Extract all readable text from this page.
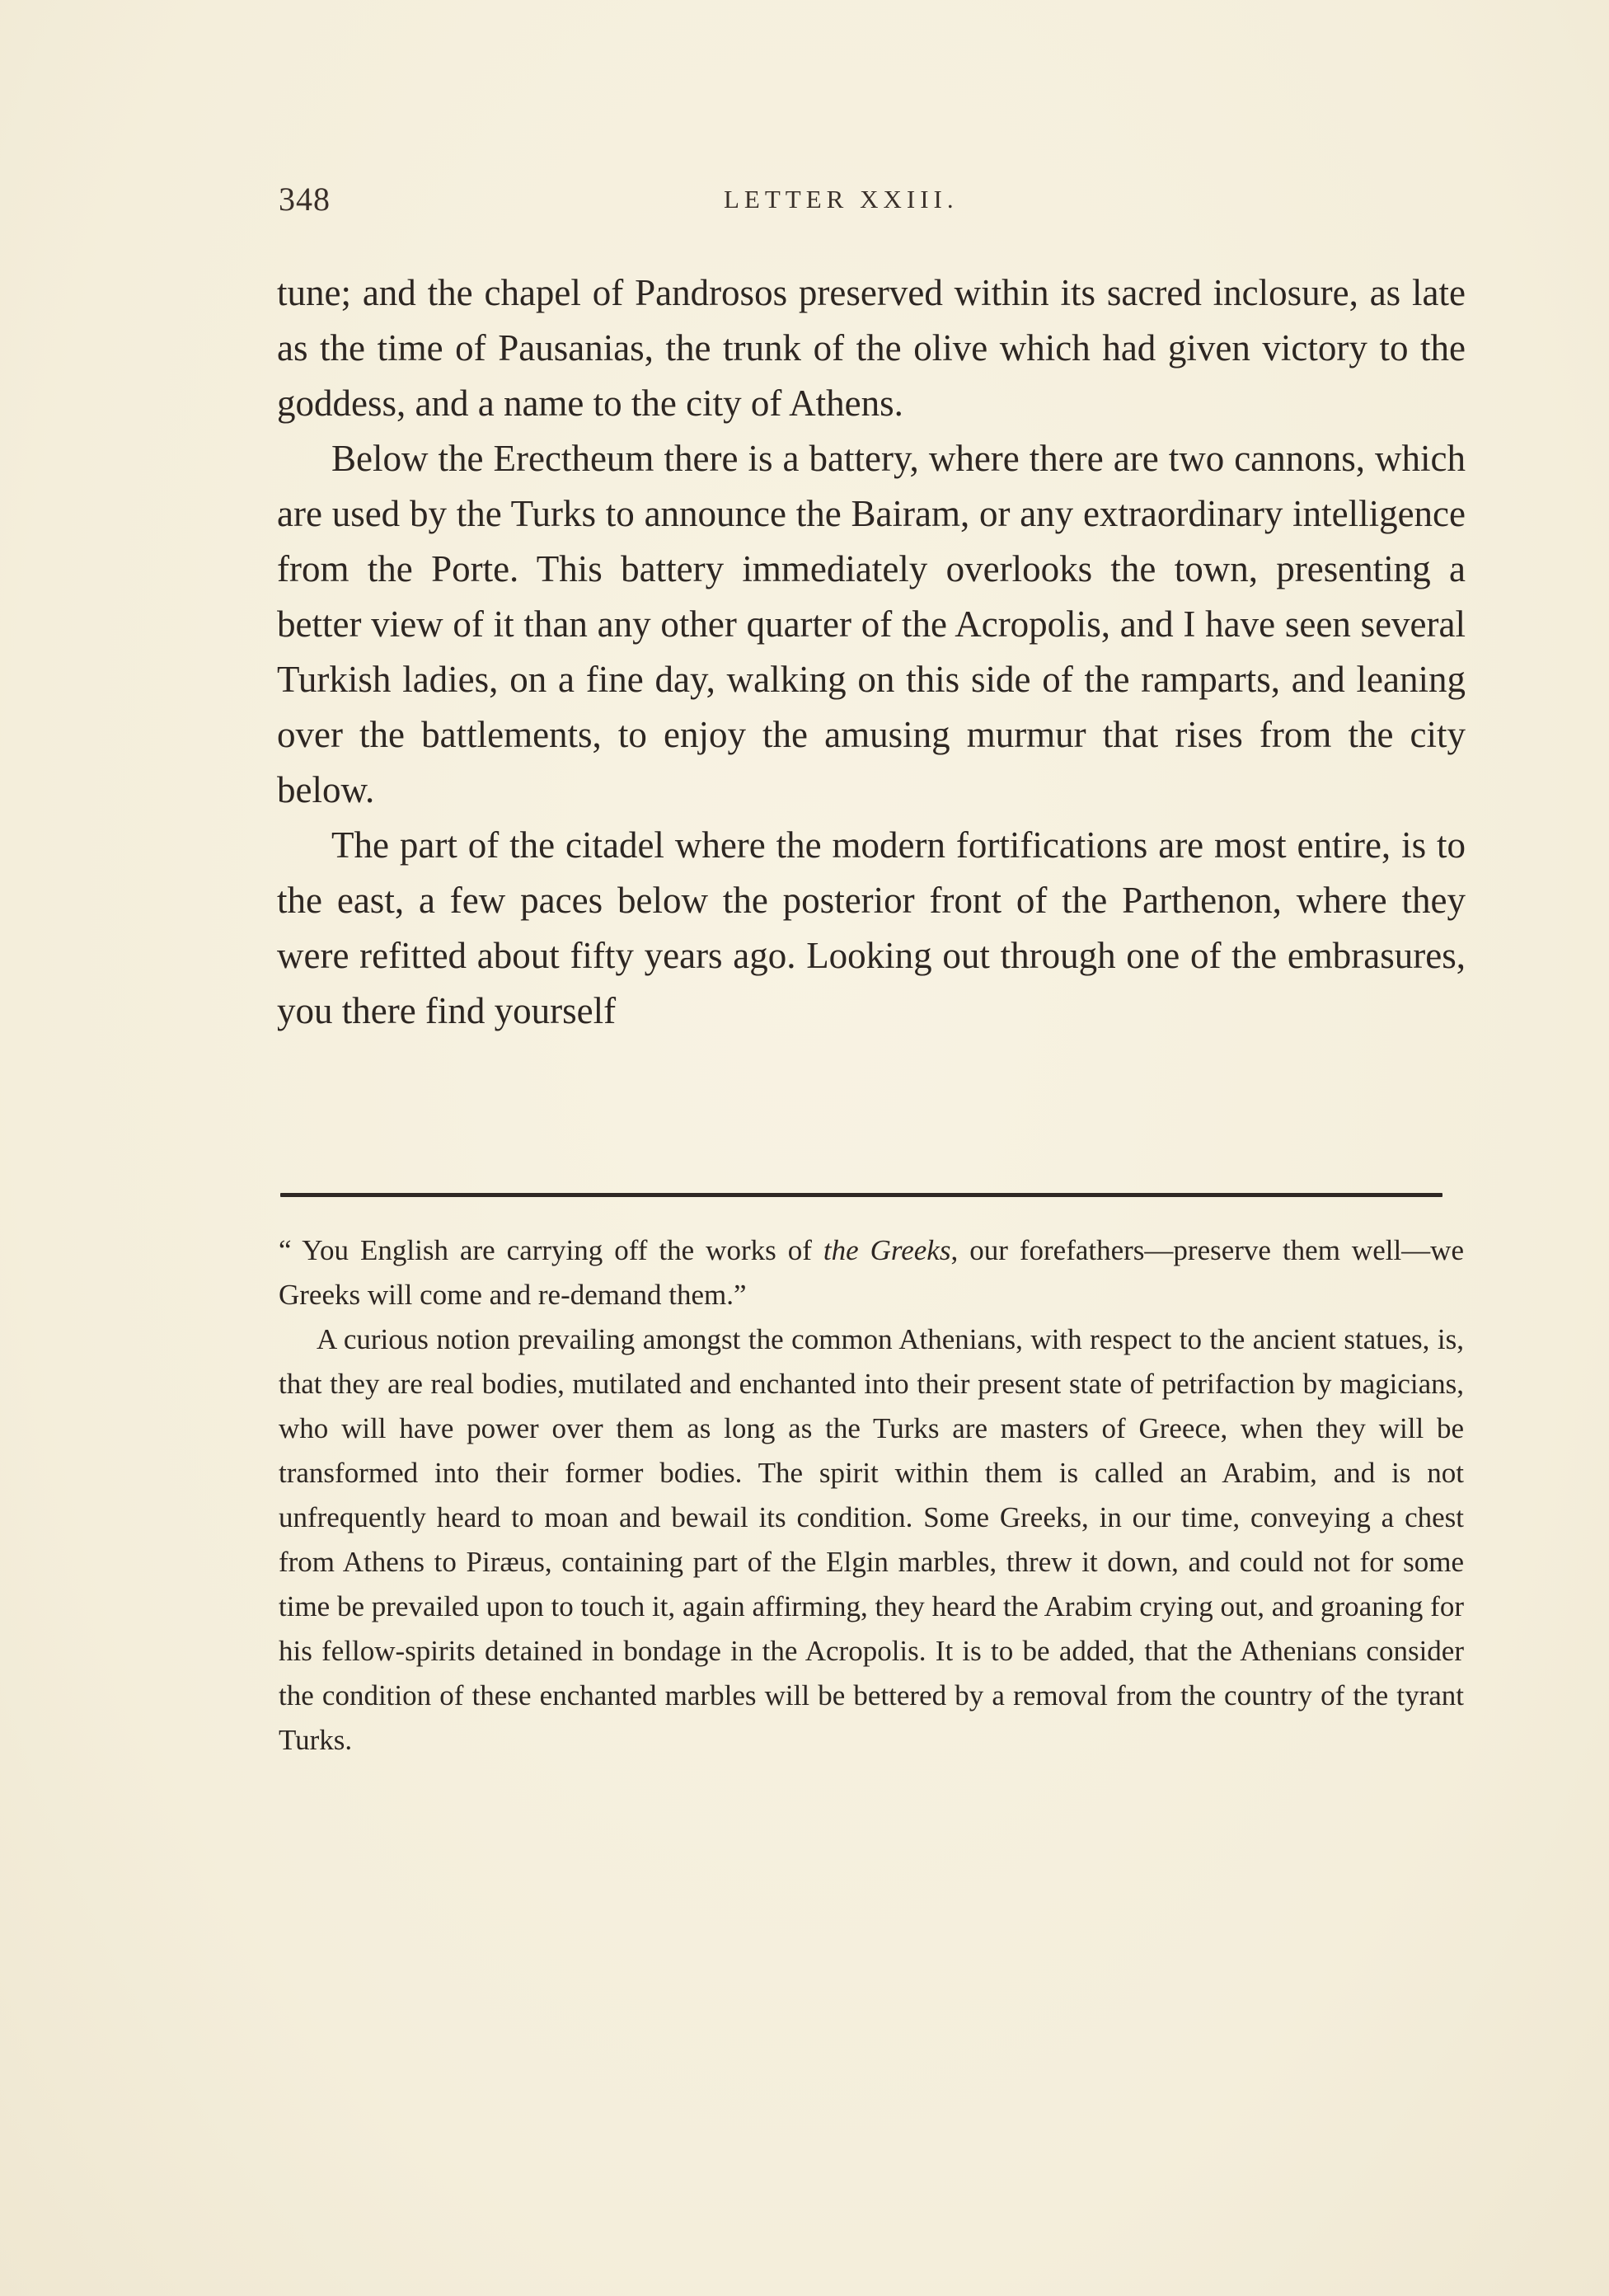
348	LETTER XXIII.

tune; and the chapel of Pandrosos preserved within its sacred inclosure, as late as the time of Pausanias, the trunk of the olive which had given victory to the goddess, and a name to the city of Athens.

Below the Erectheum there is a battery, where there are two cannons, which are used by the Turks to announce the Bairam, or any extraordinary intelligence from the Porte. This battery immediately overlooks the town, presenting a better view of it than any other quarter of the Acropolis, and I have seen several Turkish ladies, on a fine day, walking on this side of the ramparts, and leaning over the battlements, to enjoy the amusing murmur that rises from the city below.

The part of the citadel where the modern fortifications are most entire, is to the east, a few paces below the posterior front of the Parthenon, where they were refitted about fifty years ago. Looking out through one of the embrasures, you there find yourself

“ You English are carrying off the works of the Greeks, our forefathers—preserve them well—we Greeks will come and re-demand them.”

A curious notion prevailing amongst the common Athenians, with respect to the ancient statues, is, that they are real bodies, mutilated and enchanted into their present state of petrifaction by magicians, who will have power over them as long as the Turks are masters of Greece, when they will be transformed into their former bodies. The spirit within them is called an Arabim, and is not unfrequently heard to moan and bewail its condition. Some Greeks, in our time, conveying a chest from Athens to Piræus, containing part of the Elgin marbles, threw it down, and could not for some time be prevailed upon to touch it, again affirming, they heard the Arabim crying out, and groaning for his fellow-spirits detained in bondage in the Acropolis. It is to be added, that the Athenians consider the condition of these enchanted marbles will be bettered by a removal from the country of the tyrant Turks.
